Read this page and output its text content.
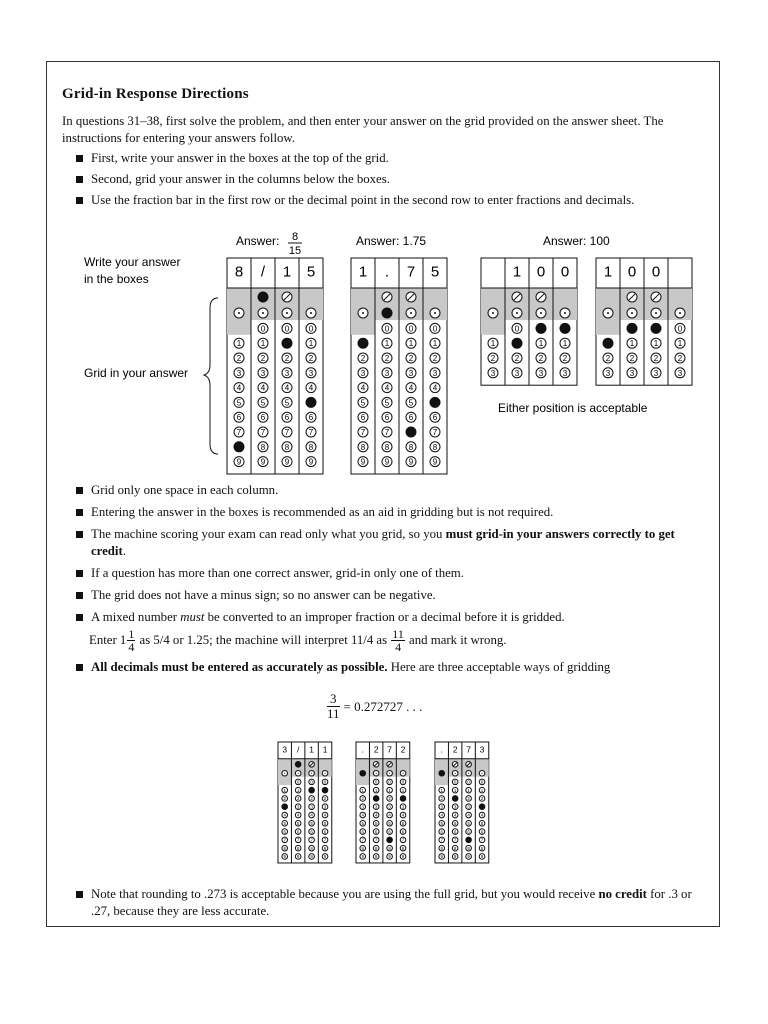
Grid-in Response Directions

In questions 31–38, first solve the problem, and then enter your answer on the grid provided on the answer sheet. The instructions for entering your answers follow.

First, write your answer in the boxes at the top of the grid.
Second, grid your answer in the columns below the boxes.
Use the fraction bar in the first row or the decimal point in the second row to enter fractions and decimals.
Answer: 8
15
Answer: 1.75	Answer: 100
Write your answer
in the boxes
Grid in your answer
Either position is acceptable
8 / 1 5
1
2
3
4
5
6
7
9
0
1
2
3
4
5
6
7
8
9
0
2
3
4
5
6
7
8
9
0
1
2
3
4
6
7
8
9
1 . 7 5
2
3
4
5
6
7
8
9
0
1
2
3
4
5
6
7
8
9
0
1
2
3
4
5
6
8
9
0
1
2
3
4
6
7
8
9
1 0 0
1
2
3
0
2
3
1
2
3
1
2
3
1 0 0
2
3
1
2
3
1
2
3
0
1
2
3
3 / 1 1
1
2
4
5
6
7
8
9
0
1
2
3
4
5
6
7
8
9
0
2
3
4
5
6
7
8
9
0
2
3
4
5
6
7
8
9
. 2 7 2
1
2
3
4
5
6
7
8
9
0
1
3
4
5
6
7
8
9
0
1
2
3
4
5
6
8
9
0
1
3
4
5
6
7
8
9
. 2 7 3
1
2
3
4
5
6
7
8
9
0
1
3
4
5
6
7
8
9
0
1
2
3
4
5
6
8
9
0
1
2
4
5
6
7
8
9
Grid only one space in each column.
Entering the answer in the boxes is recommended as an aid in gridding but is not required.
The machine scoring your exam can read only what you grid, so you must grid-in your answers correctly to get credit.
If a question has more than one correct answer, grid-in only one of them.
The grid does not have a minus sign; so no answer can be negative.
A mixed number must be converted to an improper fraction or a decimal before it is gridded.
Enter $1 \frac{1}{4}$ as 5/4 or 1.25; the machine will interpret 11/4 as $\frac{11}{4}$ and mark it wrong.
All decimals must be entered as accurately as possible. Here are three acceptable ways of gridding
$\frac{3}{11} = 0.272727$ . . .
Note that rounding to .273 is acceptable because you are using the full grid, but you would receive no credit for .3 or .27, because they are less accurate.
